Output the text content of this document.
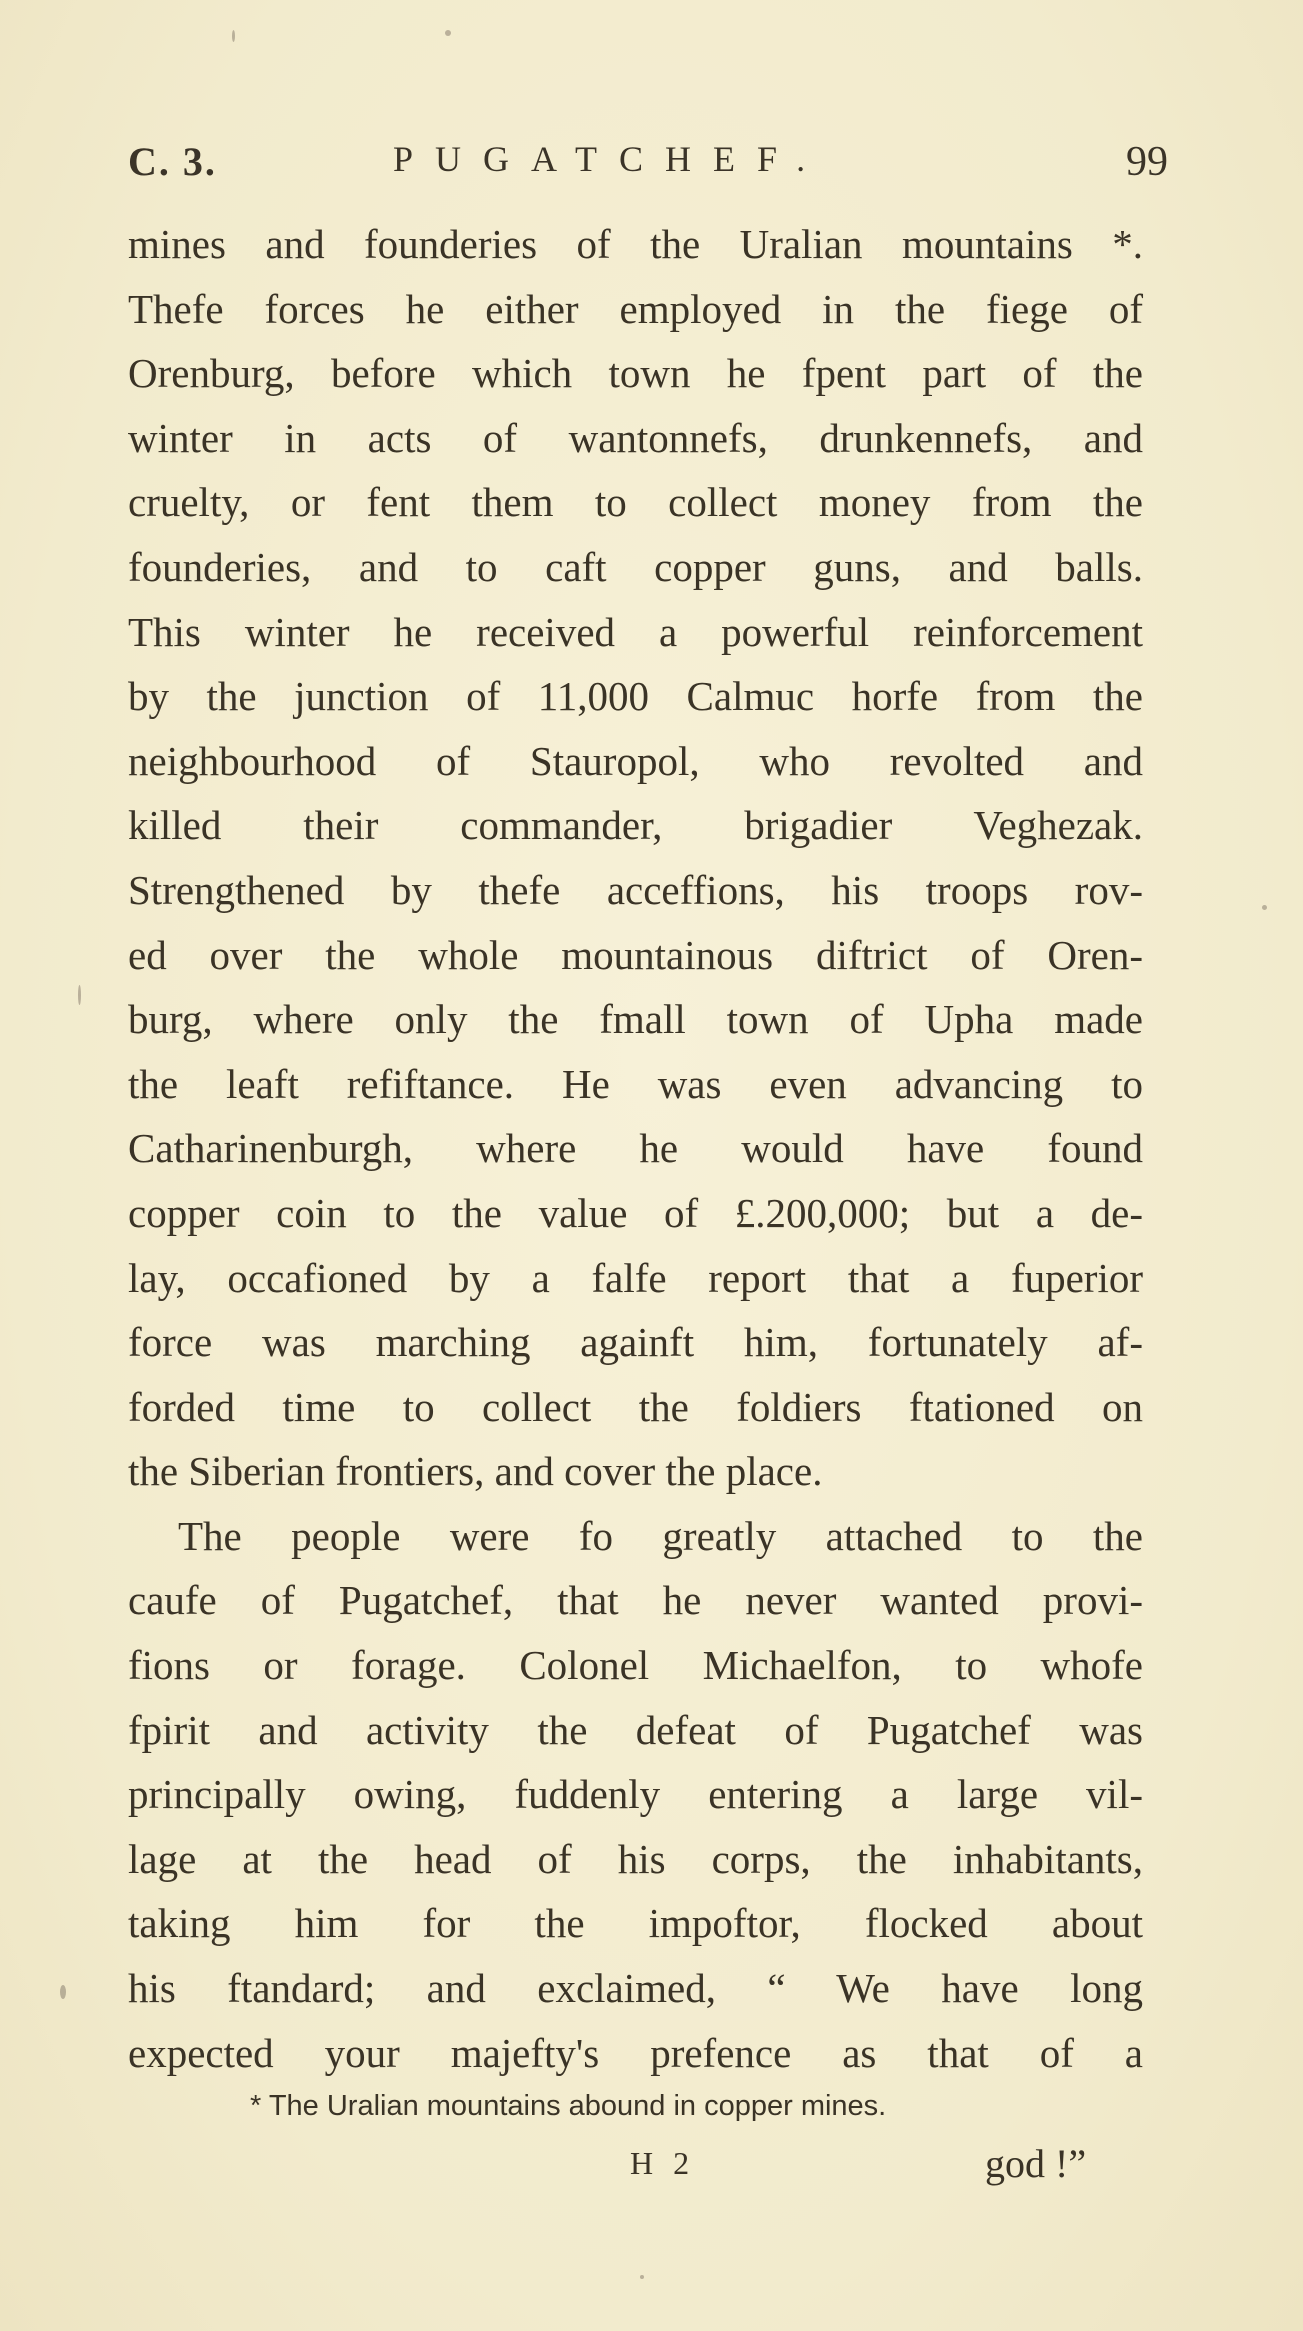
C. 3.	PUGATCHEF.	99
mines and founderies of the Uralian mountains *.
Thefe forces he either employed in the fiege of
Orenburg, before which town he fpent part of the
winter in acts of wantonnefs, drunkennefs, and
cruelty, or fent them to collect money from the
founderies, and to caft copper guns, and balls.
This winter he received a powerful reinforcement
by the junction of 11,000 Calmuc horfe from the
neighbourhood of Stauropol, who revolted and
killed their commander, brigadier Veghezak.
Strengthened by thefe acceffions, his troops rov-
ed over the whole mountainous diftrict of Oren-
burg, where only the fmall town of Upha made
the leaft refiftance. He was even advancing to
Catharinenburgh, where he would have found
copper coin to the value of £.200,000; but a de-
lay, occafioned by a falfe report that a fuperior
force was marching againft him, fortunately af-
forded time to collect the foldiers ftationed on
the Siberian frontiers, and cover the place.
The people were fo greatly attached to the
caufe of Pugatchef, that he never wanted provi-
fions or forage. Colonel Michaelfon, to whofe
fpirit and activity the defeat of Pugatchef was
principally owing, fuddenly entering a large vil-
lage at the head of his corps, the inhabitants,
taking him for the impoftor, flocked about
his ftandard; and exclaimed, “ We have long
expected your majefty's prefence as that of a
* The Uralian mountains abound in copper mines.
H 2	god !”
